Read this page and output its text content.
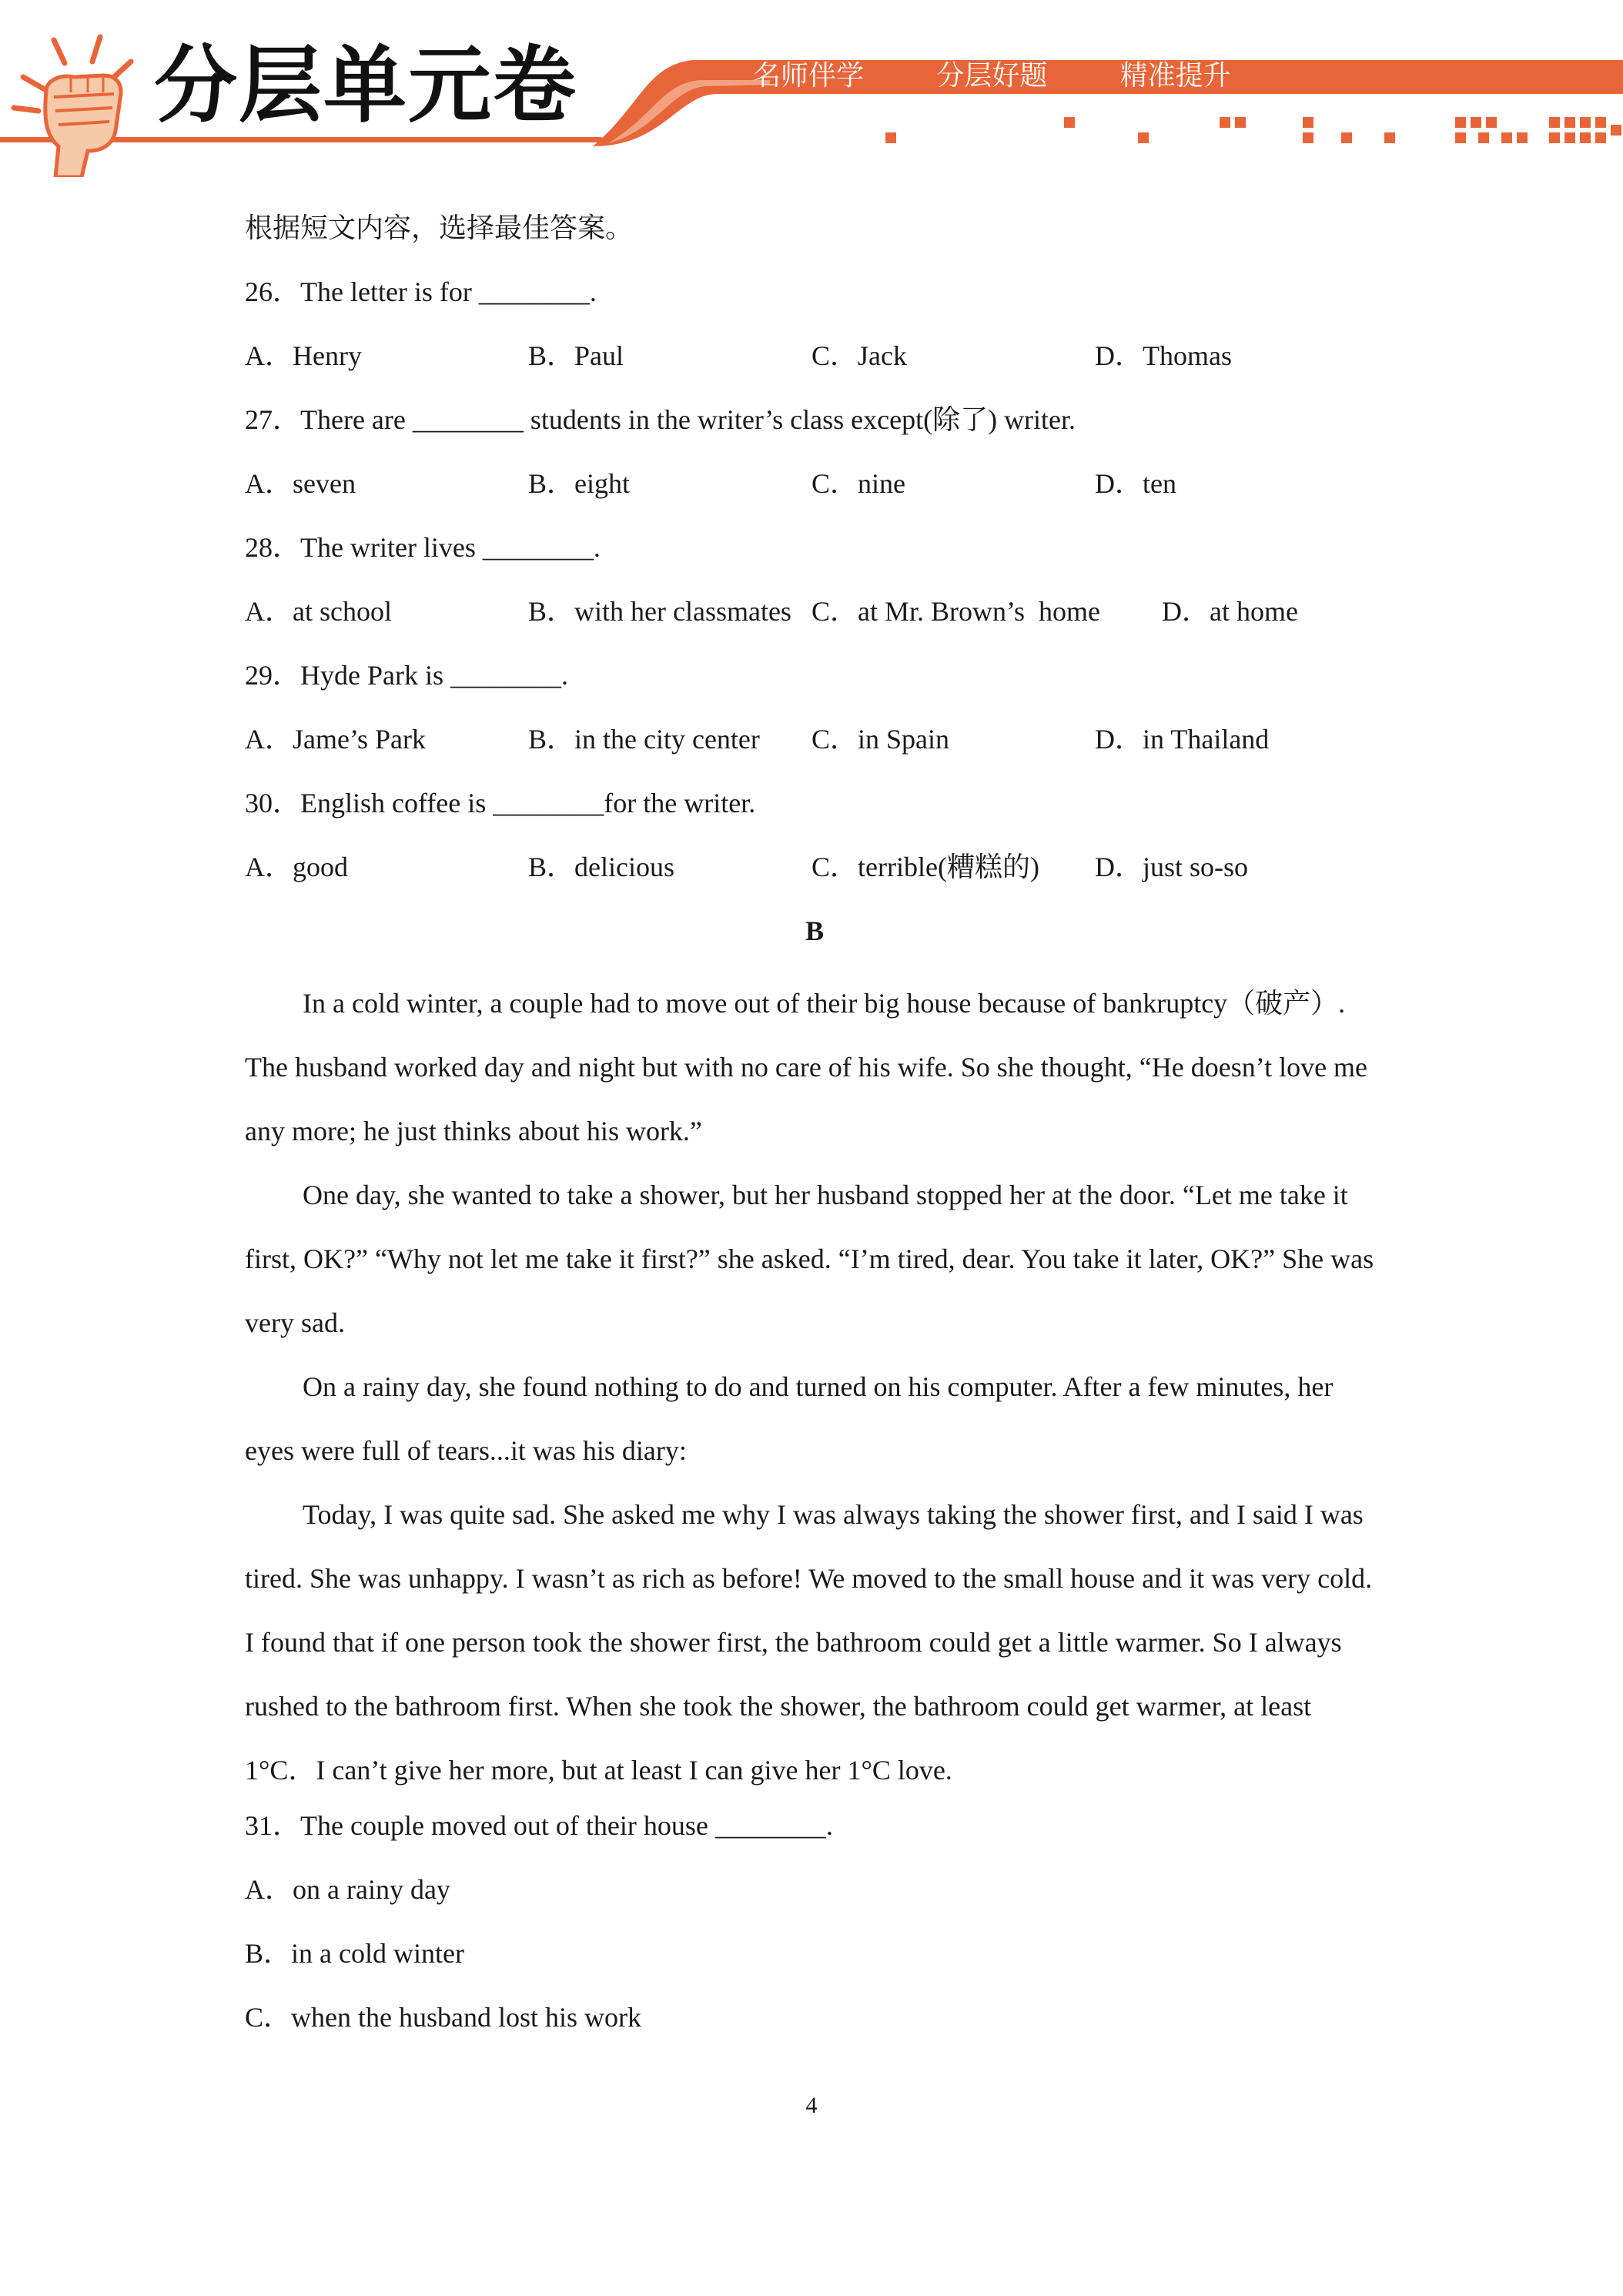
分层单元卷	名师伴学   分层好题   精准提升
根据短文内容，选择最佳答案。
26．The letter is for ________.
A．Henry	B．Paul	C．Jack	D．Thomas
27．There are ________ students in the writer’s class except(除了) writer.
A．seven	B．eight	C．nine	D．ten
28．The writer lives ________.
A．at school	B．with her classmates C．at Mr. Brown’s  home	D．at home
29．Hyde Park is ________.
A．Jame’s Park	B．in the city center	C．in Spain	D．in Thailand
30．English coffee is ________for the writer.
A．good	B．delicious	C．terrible(糟糕的)	D．just so-so
B

In a cold winter, a couple had to move out of their big house because of bankruptcy（破产）. The husband worked day and night but with no care of his wife. So she thought, “He doesn’t love me any more; he just thinks about his work.”

One day, she wanted to take a shower, but her husband stopped her at the door. “Let me take it first, OK?” “Why not let me take it first?” she asked. “I’m tired, dear. You take it later, OK?” She was very sad.

On a rainy day, she found nothing to do and turned on his computer. After a few minutes, her eyes were full of tears...it was his diary:

Today, I was quite sad. She asked me why I was always taking the shower first, and I said I was tired. She was unhappy. I wasn’t as rich as before! We moved to the small house and it was very cold. I found that if one person took the shower first, the bathroom could get a little warmer. So I always rushed to the bathroom first. When she took the shower, the bathroom could get warmer, at least 1°C．I can’t give her more, but at least I can give her 1°C love.

31．The couple moved out of their house ________.
A．on a rainy day
B．in a cold winter
C．when the husband lost his work
4
